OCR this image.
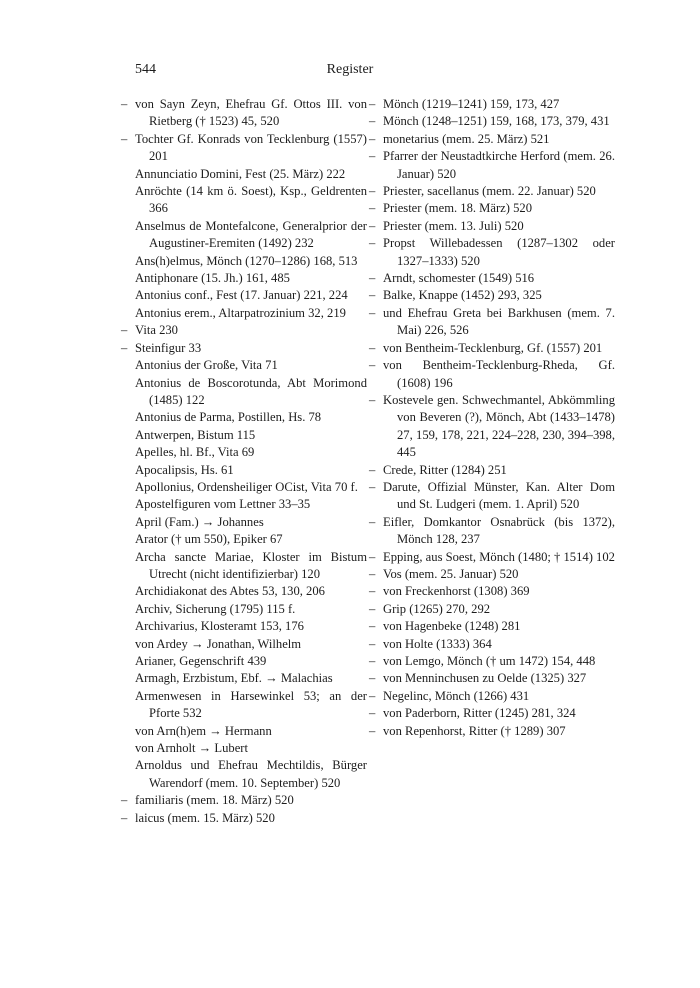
544	Register

– von Sayn Zeyn, Ehefrau Gf. Ottos III. von Rietberg († 1523) 45, 520

– Tochter Gf. Konrads von Tecklenburg (1557) 201

Annunciatio Domini, Fest (25. März) 222

Anröchte (14 km ö. Soest), Ksp., Geldrenten 366

Anselmus de Montefalcone, Generalprior der Augustiner-Eremiten (1492) 232

Ans(h)elmus, Mönch (1270–1286) 168, 513

Antiphonare (15. Jh.) 161, 485

Antonius conf., Fest (17. Januar) 221, 224

Antonius erem., Altarpatrozinium 32, 219

– Vita 230

– Steinfigur 33

Antonius der Große, Vita 71

Antonius de Boscorotunda, Abt Morimond (1485) 122

Antonius de Parma, Postillen, Hs. 78

Antwerpen, Bistum 115

Apelles, hl. Bf., Vita 69

Apocalipsis, Hs. 61

Apollonius, Ordensheiliger OCist, Vita 70 f.

Apostelfiguren vom Lettner 33–35

April (Fam.) → Johannes

Arator († um 550), Epiker 67

Archa sancte Mariae, Kloster im Bistum Utrecht (nicht identifizierbar) 120

Archidiakonat des Abtes 53, 130, 206

Archiv, Sicherung (1795) 115 f.

Archivarius, Klosteramt 153, 176

von Ardey → Jonathan, Wilhelm

Arianer, Gegenschrift 439

Armagh, Erzbistum, Ebf. → Malachias

Armenwesen in Harsewinkel 53; an der Pforte 532

von Arn(h)em → Hermann

von Arnholt → Lubert

Arnoldus und Ehefrau Mechtildis, Bürger Warendorf (mem. 10. September) 520

– familiaris (mem. 18. März) 520

– laicus (mem. 15. März) 520

– Mönch (1219–1241) 159, 173, 427

– Mönch (1248–1251) 159, 168, 173, 379, 431

– monetarius (mem. 25. März) 521

– Pfarrer der Neustadtkirche Herford (mem. 26. Januar) 520

– Priester, sacellanus (mem. 22. Januar) 520

– Priester (mem. 18. März) 520

– Priester (mem. 13. Juli) 520

– Propst Willebadessen (1287–1302 oder 1327–1333) 520

– Arndt, schomester (1549) 516

– Balke, Knappe (1452) 293, 325

– und Ehefrau Greta bei Barkhusen (mem. 7. Mai) 226, 526

– von Bentheim-Tecklenburg, Gf. (1557) 201

– von Bentheim-Tecklenburg-Rheda, Gf. (1608) 196

– Kostevele gen. Schwechmantel, Abkömmling von Beveren (?), Mönch, Abt (1433–1478) 27, 159, 178, 221, 224–228, 230, 394–398, 445

– Crede, Ritter (1284) 251

– Darute, Offizial Münster, Kan. Alter Dom und St. Ludgeri (mem. 1. April) 520

– Eifler, Domkantor Osnabrück (bis 1372), Mönch 128, 237

– Epping, aus Soest, Mönch (1480; † 1514) 102

– Vos (mem. 25. Januar) 520

– von Freckenhorst (1308) 369

– Grip (1265) 270, 292

– von Hagenbeke (1248) 281

– von Holte (1333) 364

– von Lemgo, Mönch († um 1472) 154, 448

– von Menninchusen zu Oelde (1325) 327

– Negelinc, Mönch (1266) 431

– von Paderborn, Ritter (1245) 281, 324

– von Repenhorst, Ritter († 1289) 307
